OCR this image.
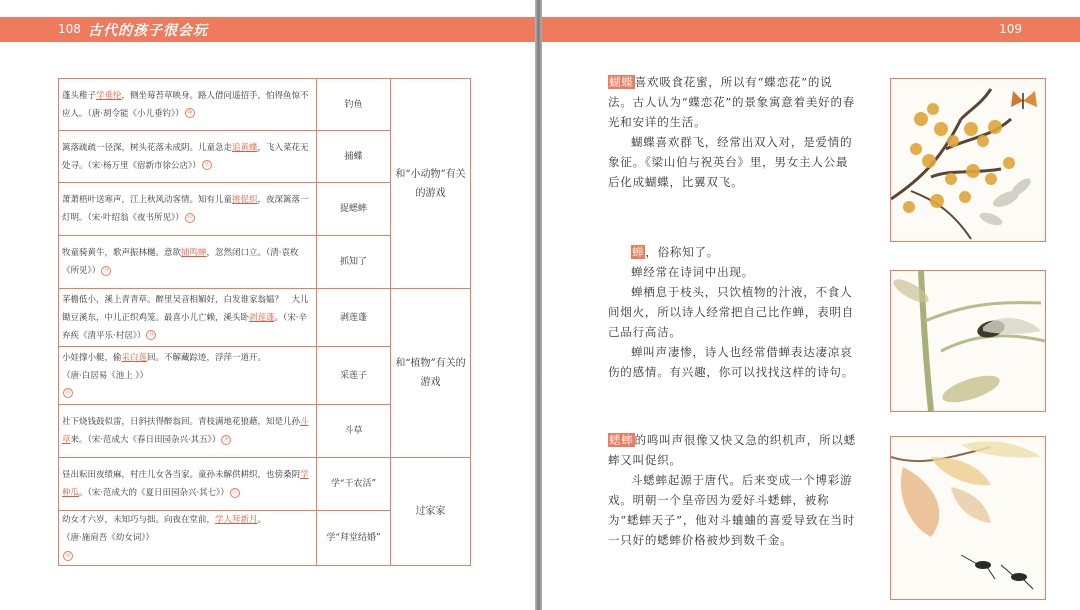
108 古代的孩子很会玩
蓬头稚子学垂纶，侧坐莓苔草映身。路人借问遥招手，怕得鱼惊不应人。（唐·胡令能《小儿垂钓》） ⑩	钓鱼	和“小动物”有关的游戏
篱落疏疏一径深，树头花落未成阴。儿童急走追黄蝶，飞入菜花无处寻。（宋·杨万里《宿新市徐公店》） ⑪	捕蝶	
萧萧梧叶送寒声，江上秋风动客情。知有儿童挑促织，夜深篱落一灯明。（宋·叶绍翁《夜书所见》） ⑫	捉蟋蟀	
牧童骑黄牛，歌声振林樾。意欲捕鸣蝉，忽然闭口立。（清·袁枚《所见》） ⑬	抓知了	
茅檐低小，溪上青青草。醉里吴音相媚好，白发谁家翁媪？　大儿锄豆溪东，中儿正织鸡笼。最喜小儿亡赖，溪头卧剥莲蓬。（宋·辛弃疾《清平乐·村居》） ⑭	剥莲蓬	和“植物”有关的游戏
小娃撑小艇，偷采白莲回。不解藏踪迹，浮萍一道开。
（唐·白居易《池上 》）
⑮	采莲子	
社下烧钱鼓似雷，日斜扶得醉翁回。青枝满地花狼藉，知是儿孙斗草来。（宋·范成大《春日田园杂兴·其五》） ⑯	斗草	
昼出耘田夜绩麻，村庄儿女各当家。童孙未解供耕织，也傍桑阴学种瓜。（宋·范成大的《夏日田园杂兴·其七》） ⑰	学“干农活”	过家家
幼女才六岁，未知巧与拙。向夜在堂前，学人拜新月。
（唐·施肩吾《幼女词》）
⑱	学“拜堂结婚”	
109

蝴蝶喜欢吸食花蜜，所以有“蝶恋花”的说法。古人认为“蝶恋花”的景象寓意着美好的春光和安详的生活。

蝴蝶喜欢群飞，经常出双入对，是爱情的象征。《梁山伯与祝英台》里，男女主人公最后化成蝴蝶，比翼双飞。

蝉，俗称知了。

蝉经常在诗词中出现。

蝉栖息于枝头，只饮植物的汁液，不食人间烟火，所以诗人经常把自己比作蝉，表明自己品行高洁。

蝉叫声凄惨，诗人也经常借蝉表达凄凉哀伤的感情。有兴趣，你可以找找这样的诗句。

蟋蟀的鸣叫声很像又快又急的织机声，所以蟋蟀又叫促织。

斗蟋蟀起源于唐代。后来变成一个博彩游戏。明朝一个皇帝因为爱好斗蟋蟀，被称为“蟋蟀天子”，他对斗蛐蛐的喜爱导致在当时一只好的蟋蟀价格被炒到数千金。
